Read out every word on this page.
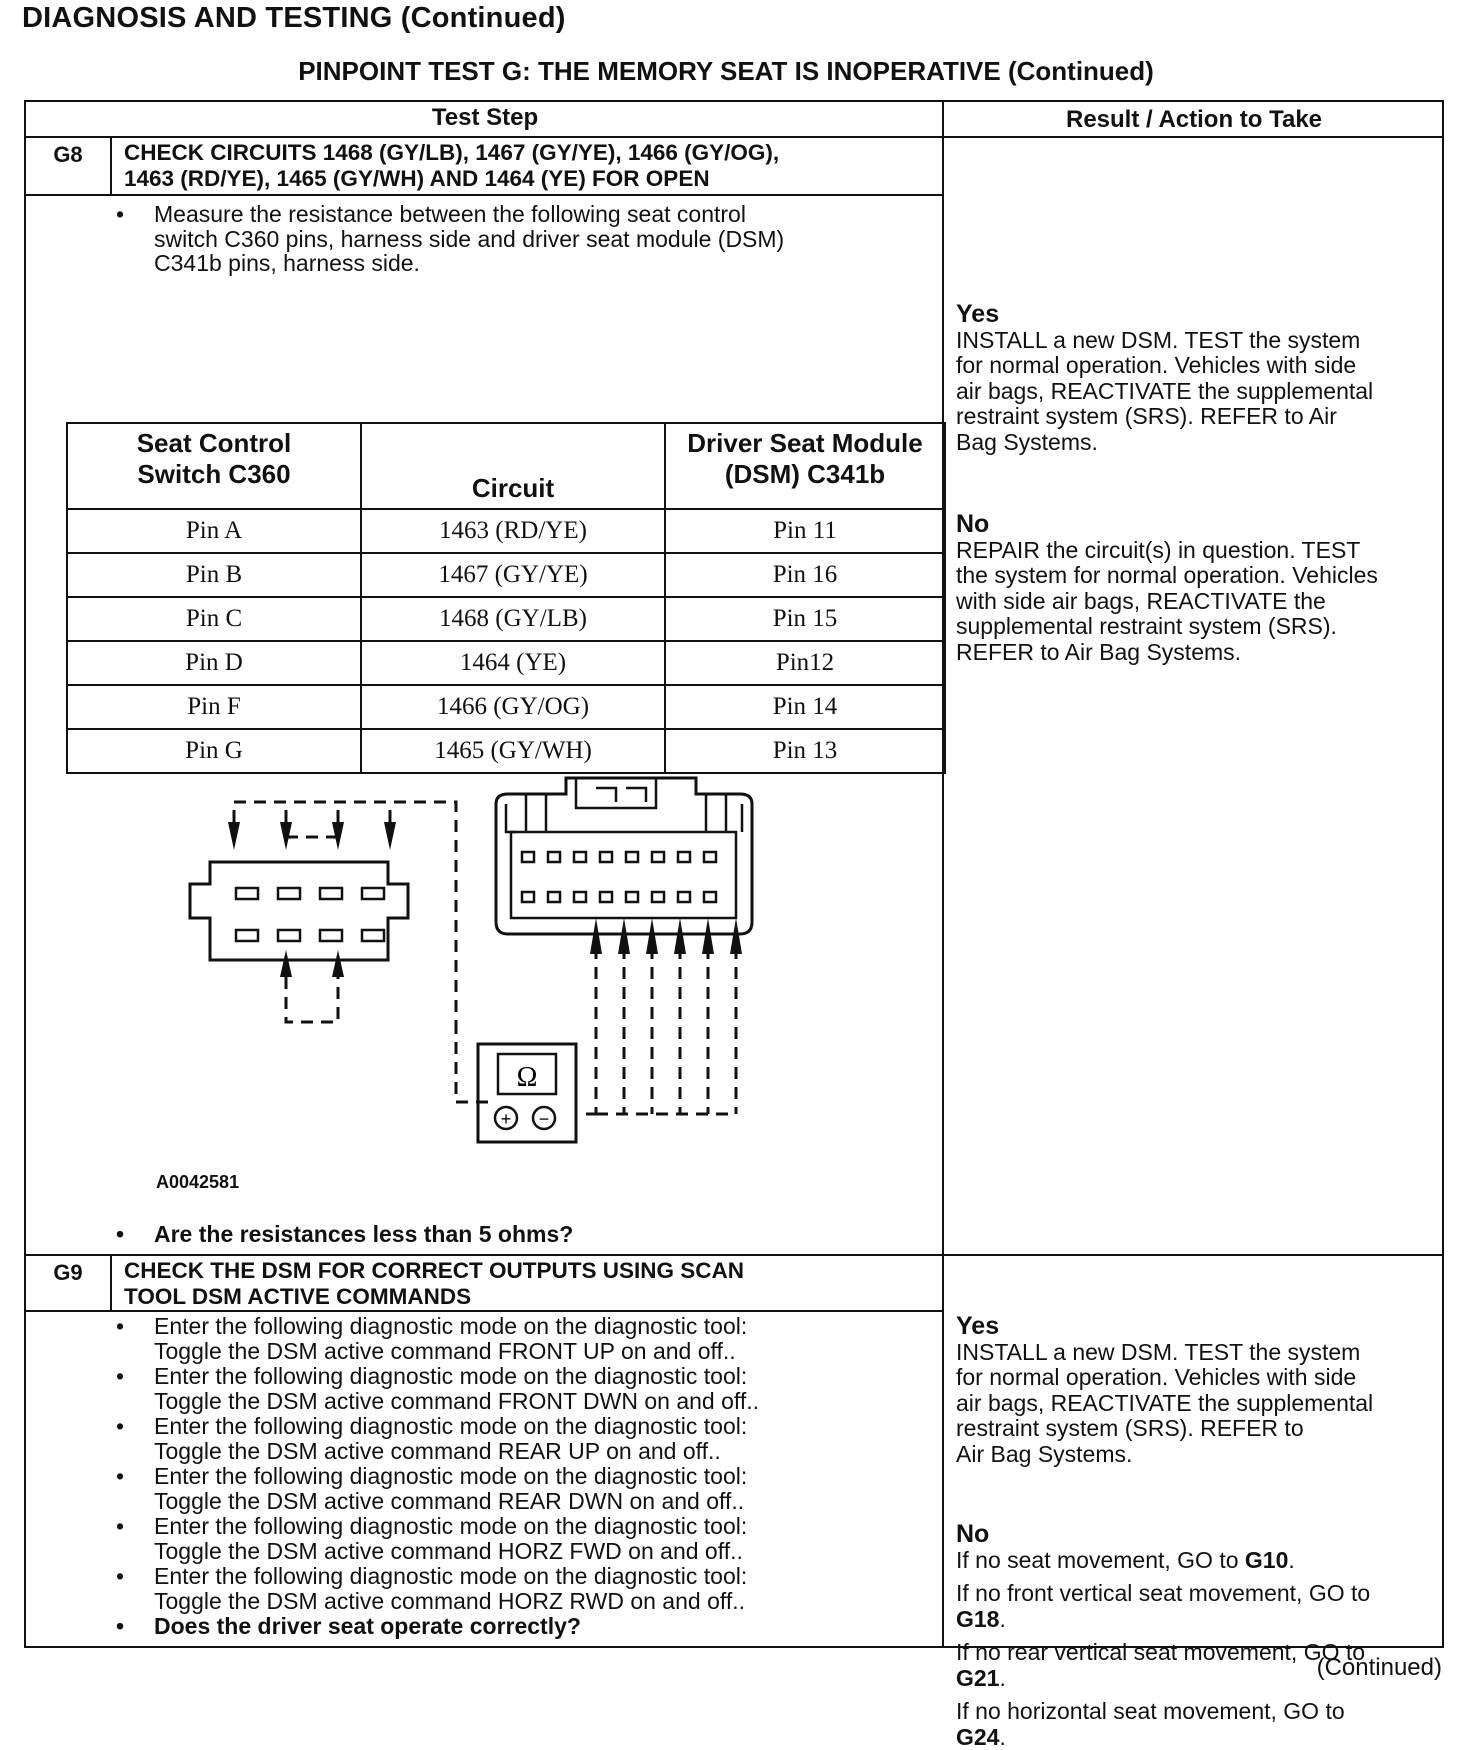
DIAGNOSIS AND TESTING (Continued)
PINPOINT TEST G: THE MEMORY SEAT IS INOPERATIVE (Continued)
Test Step	Result / Action to Take
G8	CHECK CIRCUITS 1468 (GY/LB), 1467 (GY/YE), 1466 (GY/OG),
1463 (RD/YE), 1465 (GY/WH) AND 1464 (YE) FOR OPEN
• Measure the resistance between the following seat control
switch C360 pins, harness side and driver seat module (DSM)
C341b pins, harness side.
Seat Control
Switch C360	Circuit	Driver Seat Module
(DSM) C341b
Pin A	1463 (RD/YE)	Pin 11
Pin B	1467 (GY/YE)	Pin 16
Pin C	1468 (GY/LB)	Pin 15
Pin D	1464 (YE)	Pin12
Pin F	1466 (GY/OG)	Pin 14
Pin G	1465 (GY/WH)	Pin 13
Ω
+ −
A0042581
• Are the resistances less than 5 ohms?
Yes

INSTALL a new DSM. TEST the system
for normal operation. Vehicles with side
air bags, REACTIVATE the supplemental
restraint system (SRS). REFER to Air
Bag Systems.

No

REPAIR the circuit(s) in question. TEST
the system for normal operation. Vehicles
with side air bags, REACTIVATE the
supplemental restraint system (SRS).
REFER to Air Bag Systems.

G9	CHECK THE DSM FOR CORRECT OUTPUTS USING SCAN
TOOL DSM ACTIVE COMMANDS
• Enter the following diagnostic mode on the diagnostic tool:
Toggle the DSM active command FRONT UP on and off..
• Enter the following diagnostic mode on the diagnostic tool:
Toggle the DSM active command FRONT DWN on and off..
• Enter the following diagnostic mode on the diagnostic tool:
Toggle the DSM active command REAR UP on and off..
• Enter the following diagnostic mode on the diagnostic tool:
Toggle the DSM active command REAR DWN on and off..
• Enter the following diagnostic mode on the diagnostic tool:
Toggle the DSM active command HORZ FWD on and off..
• Enter the following diagnostic mode on the diagnostic tool:
Toggle the DSM active command HORZ RWD on and off..
• Does the driver seat operate correctly?
Yes

INSTALL a new DSM. TEST the system
for normal operation. Vehicles with side
air bags, REACTIVATE the supplemental
restraint system (SRS). REFER to
Air Bag Systems.

No

If no seat movement, GO to G10.

If no front vertical seat movement, GO to
G18.

If no rear vertical seat movement, GO to
G21.

If no horizontal seat movement, GO to
G24.

(Continued)
